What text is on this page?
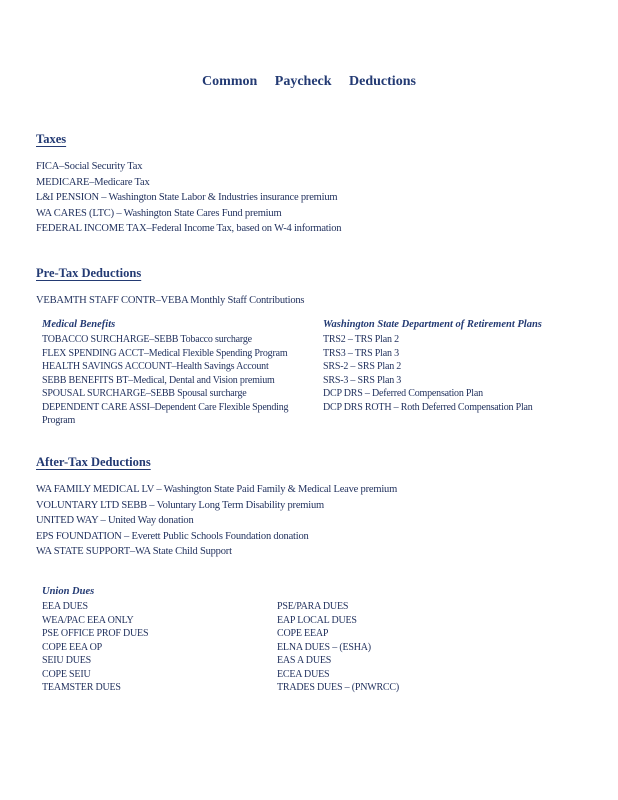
Common Paycheck Deductions
Taxes
FICA–Social Security Tax
MEDICARE–Medicare Tax
L&I PENSION – Washington State Labor & Industries insurance premium
WA CARES (LTC) – Washington State Cares Fund premium
FEDERAL INCOME TAX–Federal Income Tax, based on W-4 information
Pre-Tax Deductions
VEBAMTH STAFF CONTR–VEBA Monthly Staff Contributions
Medical Benefits
TOBACCO SURCHARGE–SEBB Tobacco surcharge
FLEX SPENDING ACCT–Medical Flexible Spending Program
HEALTH SAVINGS ACCOUNT–Health Savings Account
SEBB BENEFITS BT–Medical, Dental and Vision premium
SPOUSAL SURCHARGE–SEBB Spousal surcharge
DEPENDENT CARE ASSI–Dependent Care Flexible Spending
Program
Washington State Department of Retirement Plans
TRS2 – TRS Plan 2
TRS3 – TRS Plan 3
SRS-2 – SRS Plan 2
SRS-3 – SRS Plan 3
DCP DRS – Deferred Compensation Plan
DCP DRS ROTH – Roth Deferred Compensation Plan
After-Tax Deductions
WA FAMILY MEDICAL LV – Washington State Paid Family & Medical Leave premium
VOLUNTARY LTD SEBB – Voluntary Long Term Disability premium
UNITED WAY – United Way donation
EPS FOUNDATION – Everett Public Schools Foundation donation
WA STATE SUPPORT–WA State Child Support
Union Dues
EEA DUES
WEA/PAC EEA ONLY
PSE OFFICE PROF DUES
COPE EEA OP
SEIU DUES
COPE SEIU
TEAMSTER DUES
PSE/PARA DUES
EAP LOCAL DUES
COPE EEAP
ELNA DUES – (ESHA)
EAS A DUES
ECEA DUES
TRADES DUES – (PNWRCC)
